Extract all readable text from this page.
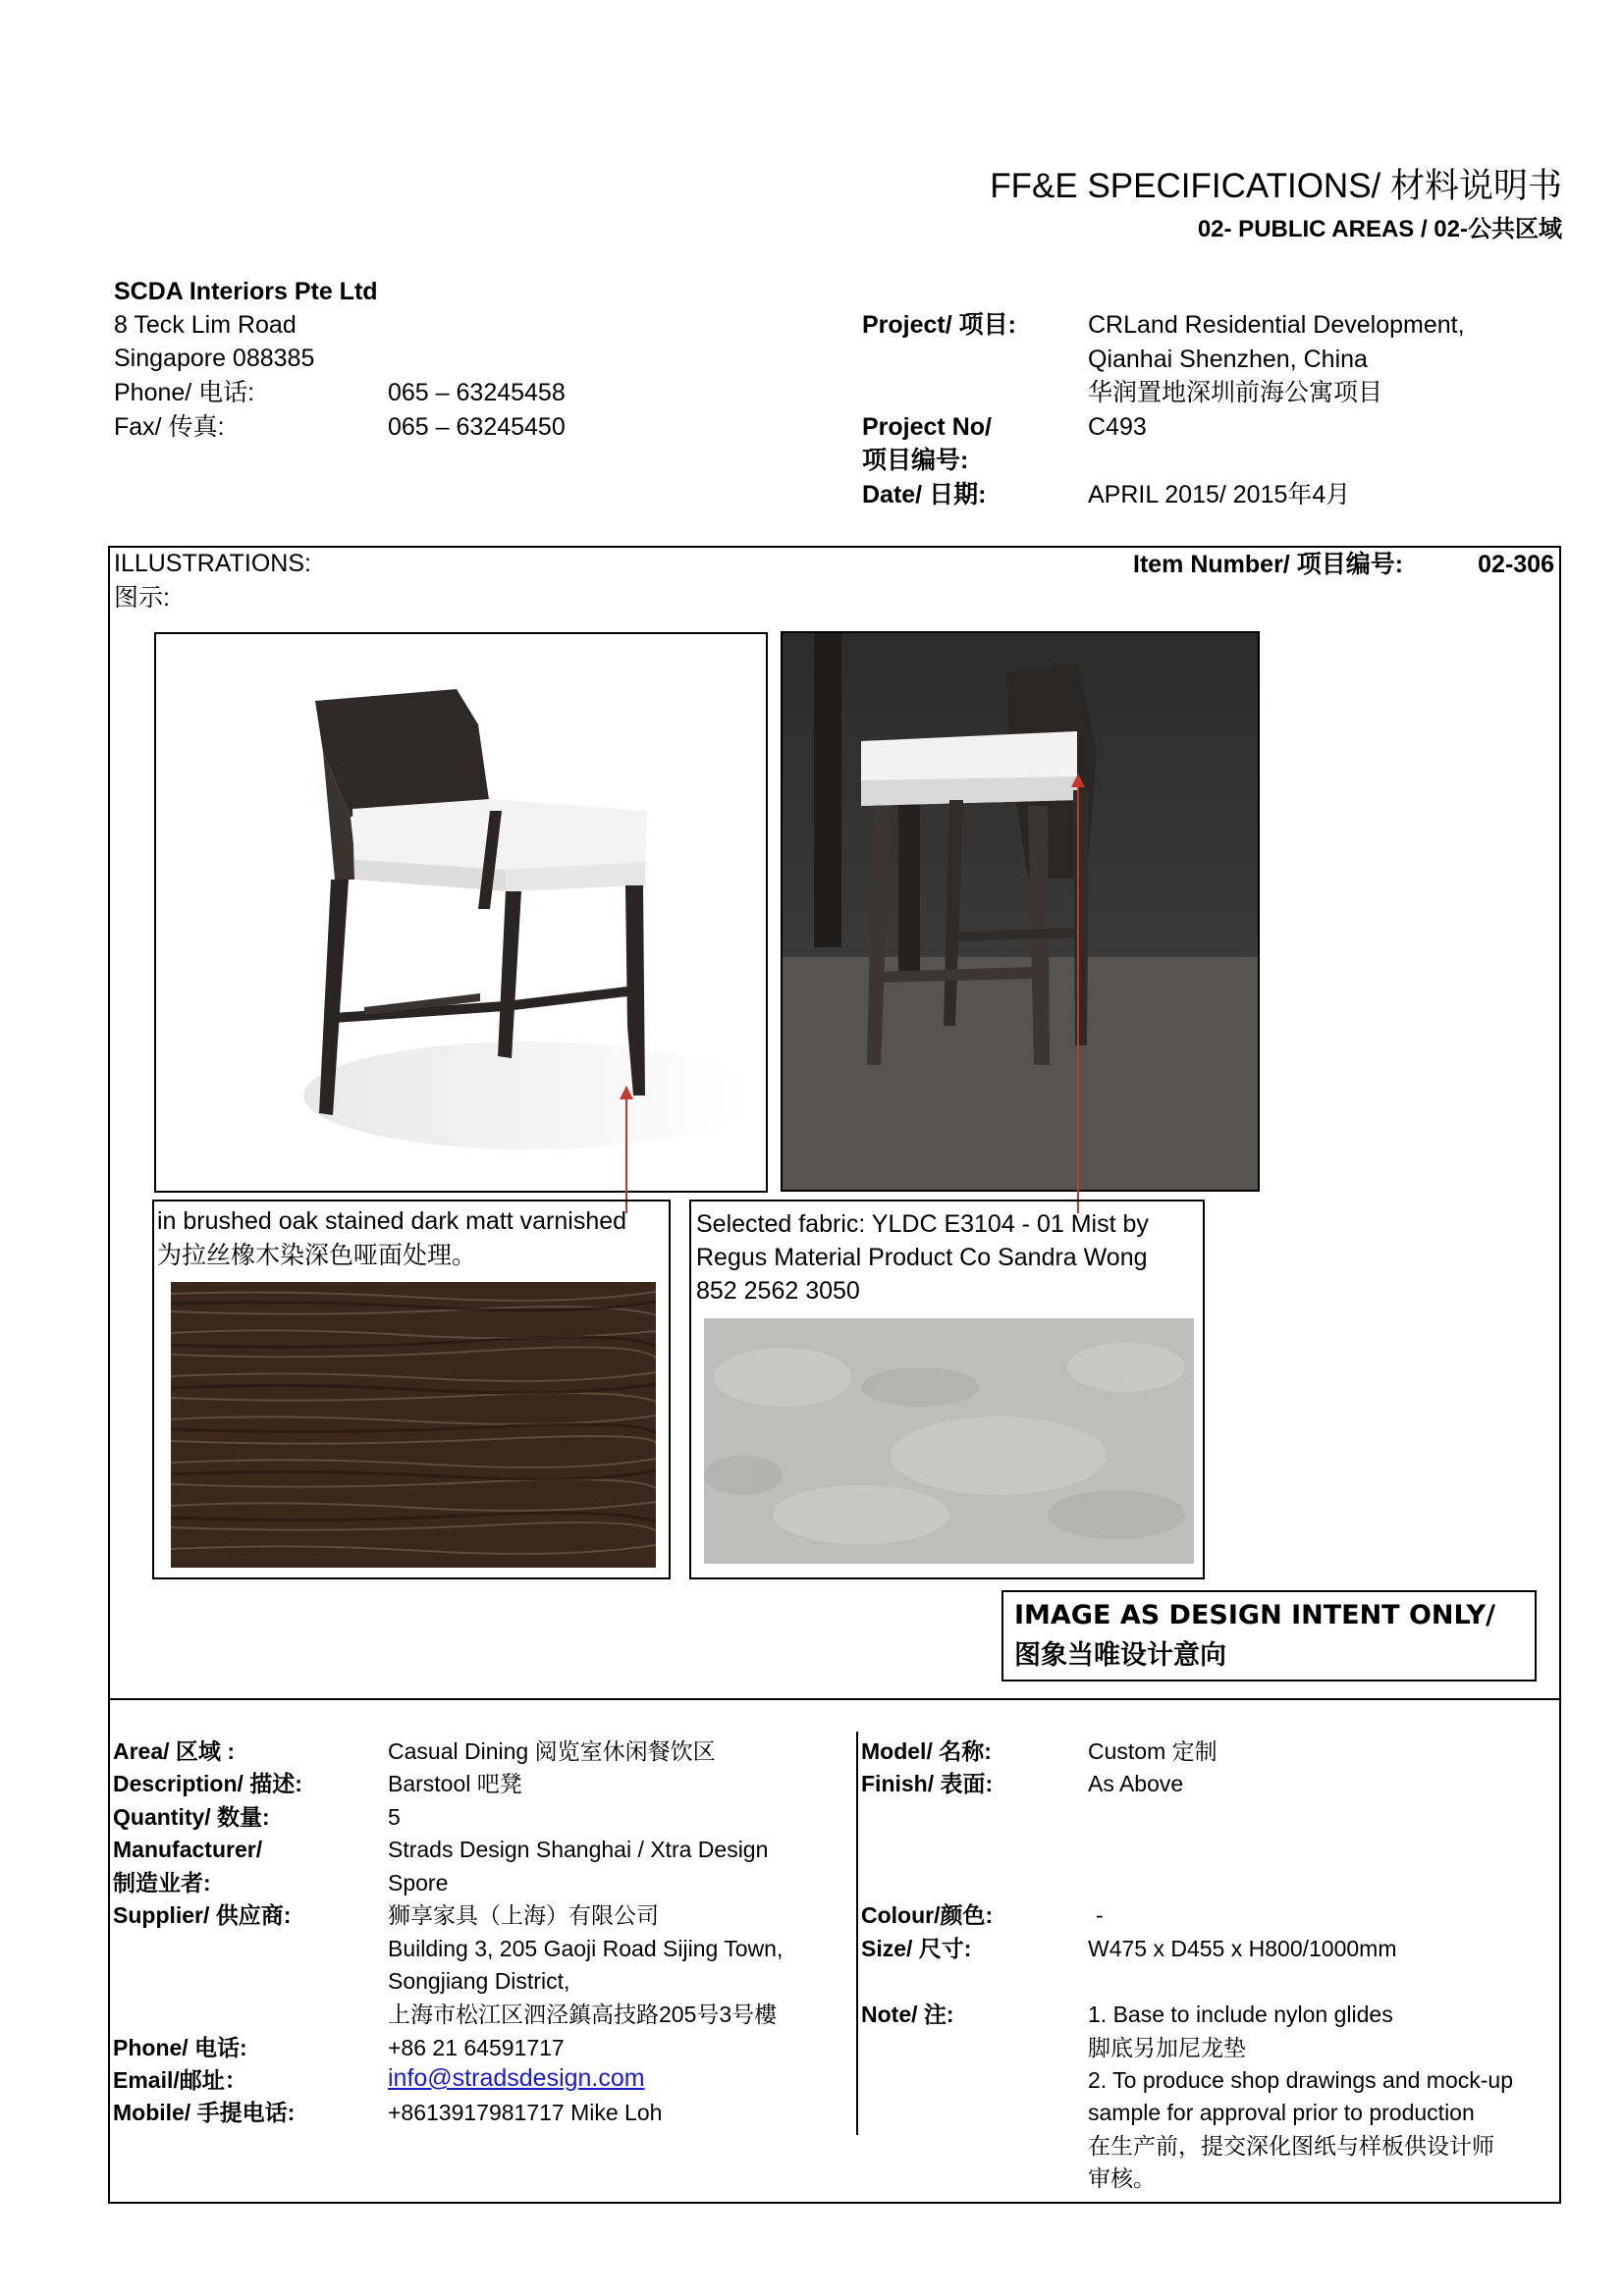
FF&E SPECIFICATIONS/ 材料说明书
02- PUBLIC AREAS / 02-公共区域
SCDA Interiors Pte Ltd
8 Teck Lim Road
Singapore 088385
Phone/ 电话:	065 – 63245458
Fax/ 传真:	065 – 63245450
Project/ 项目:	CRLand Residential Development,
Qianhai Shenzhen, China
华润置地深圳前海公寓项目
Project No/
项目编号:
C493
Date/ 日期:	APRIL 2015/ 2015年4月
ILLUSTRATIONS:
图示:
Item Number/ 项目编号:	02-306
in brushed oak stained dark matt varnished
为拉丝橡木染深色哑面处理。
Selected fabric: YLDC E3104 - 01 Mist by
Regus Material Product Co Sandra Wong
852 2562 3050
IMAGE AS DESIGN INTENT ONLY/
图象当唯设计意向
Area/ 区域 :	Casual Dining 阅览室休闲餐饮区
Description/ 描述:	Barstool 吧凳
Quantity/ 数量:	5
Manufacturer/
制造业者:
Strads Design Shanghai / Xtra Design
Spore
Supplier/ 供应商:	狮享家具（上海）有限公司
Building 3, 205 Gaoji Road Sijing Town,
Songjiang District,
上海市松江区泗泾鎮高技路205号3号樓
Phone/ 电话:	+86 21 64591717
Email/邮址：	info@stradsdesign.com
Mobile/ 手提电话:	+8613917981717 Mike Loh
Model/ 名称:	Custom 定制
Finish/ 表面:	As Above
Colour/颜色:	-
Size/ 尺寸:	W475 x D455 x H800/1000mm
Note/ 注:	1. Base to include nylon glides
脚底另加尼龙垫
2. To produce shop drawings and mock-up
sample for approval prior to production
在生产前，提交深化图纸与样板供设计师
审核。
